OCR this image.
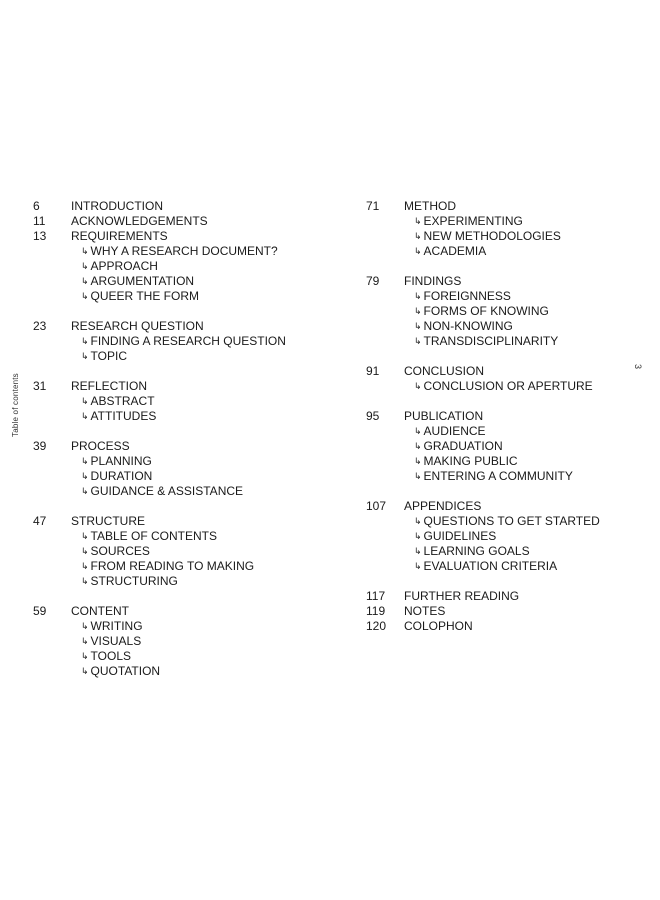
Table of contents
3
6	INTRODUCTION
11 ACKNOWLEDGEMENTS
13 REQUIREMENTS
↳ WHY A RESEARCH DOCUMENT?
↳ APPROACH
↳ ARGUMENTATION
↳ QUEER THE FORM
23 RESEARCH QUESTION
↳ FINDING A RESEARCH QUESTION
↳ TOPIC
31 REFLECTION
↳ ABSTRACT
↳ ATTITUDES
39 PROCESS
↳ PLANNING
↳ DURATION
↳ GUIDANCE & ASSISTANCE
47 STRUCTURE
↳ TABLE OF CONTENTS
↳ SOURCES
↳ FROM READING TO MAKING
↳ STRUCTURING
59 CONTENT
↳ WRITING
↳ VISUALS
↳ TOOLS
↳ QUOTATION
71 METHOD
↳ EXPERIMENTING
↳ NEW METHODOLOGIES
↳ ACADEMIA
79 FINDINGS
↳ FOREIGNNESS
↳ FORMS OF KNOWING
↳ NON-KNOWING
↳ TRANSDISCIPLINARITY
91 CONCLUSION
↳ CONCLUSION OR APERTURE
95 PUBLICATION
↳ AUDIENCE
↳ GRADUATION
↳ MAKING PUBLIC
↳ ENTERING A COMMUNITY
107 APPENDICES
↳ QUESTIONS TO GET STARTED
↳ GUIDELINES
↳ LEARNING GOALS
↳ EVALUATION CRITERIA
117 FURTHER READING
119 NOTES
120 COLOPHON
